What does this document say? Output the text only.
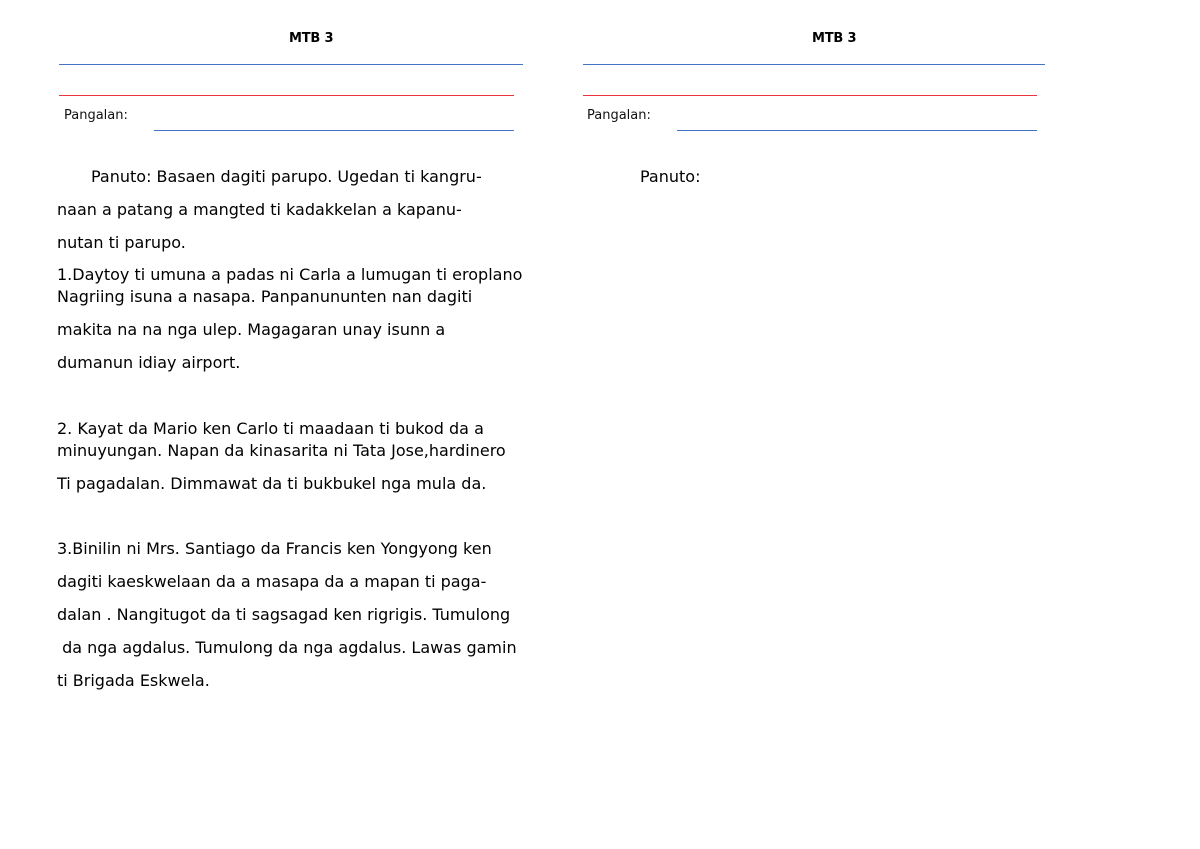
MTB 3
Pangalan:
Panuto: Basaen dagiti parupo. Ugedan ti kangru-
naan a patang a mangted ti kadakkelan a kapanu-
nutan ti parupo.
1.Daytoy ti umuna a padas ni Carla a lumugan ti eroplano
Nagriing isuna a nasapa. Panpanununten nan dagiti
makita na na nga ulep. Magagaran unay isunn a
dumanun idiay airport.
2. Kayat da Mario ken Carlo ti maadaan ti bukod da a
minuyungan. Napan da kinasarita ni Tata Jose,hardinero
Ti pagadalan. Dimmawat da ti bukbukel nga mula da.
3.Binilin ni Mrs. Santiago da Francis ken Yongyong ken
dagiti kaeskwelaan da a masapa da a mapan ti paga-
dalan . Nangitugot da ti sagsagad ken rigrigis. Tumulong
da nga agdalus. Tumulong da nga agdalus. Lawas gamin
ti Brigada Eskwela.
MTB 3
Pangalan:
Panuto:
